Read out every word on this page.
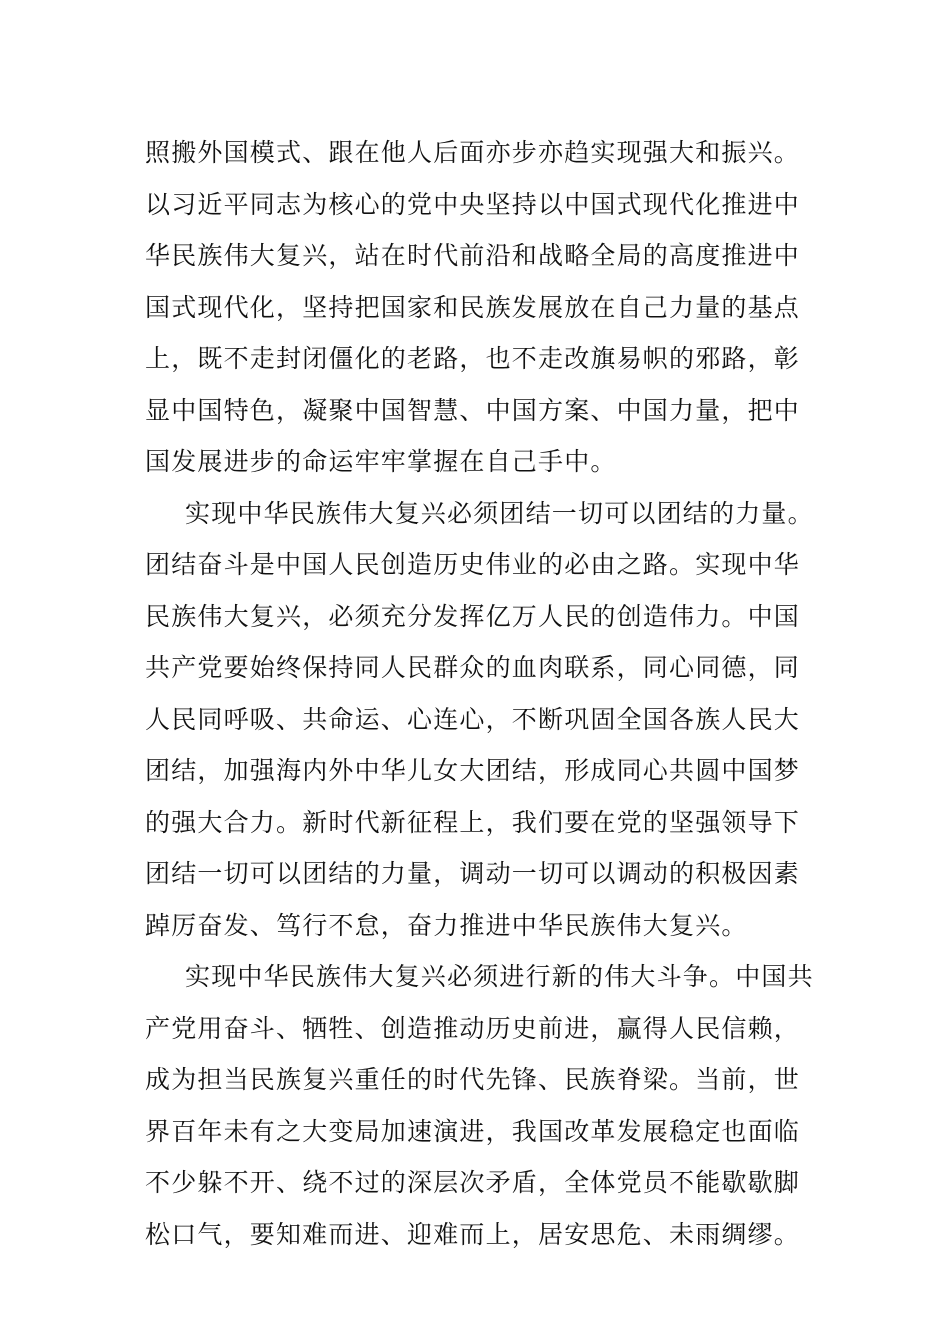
照搬外国模式、跟在他人后面亦步亦趋实现强大和振兴。
以习近平同志为核心的党中央坚持以中国式现代化推进中
华民族伟大复兴，站在时代前沿和战略全局的高度推进中
国式现代化，坚持把国家和民族发展放在自己力量的基点
上，既不走封闭僵化的老路，也不走改旗易帜的邪路，彰
显中国特色，凝聚中国智慧、中国方案、中国力量，把中
国发展进步的命运牢牢掌握在自己手中。
实现中华民族伟大复兴必须团结一切可以团结的力量。
团结奋斗是中国人民创造历史伟业的必由之路。实现中华
民族伟大复兴，必须充分发挥亿万人民的创造伟力。中国
共产党要始终保持同人民群众的血肉联系，同心同德，同
人民同呼吸、共命运、心连心，不断巩固全国各族人民大
团结，加强海内外中华儿女大团结，形成同心共圆中国梦
的强大合力。新时代新征程上，我们要在党的坚强领导下
团结一切可以团结的力量，调动一切可以调动的积极因素
踔厉奋发、笃行不怠，奋力推进中华民族伟大复兴。
实现中华民族伟大复兴必须进行新的伟大斗争。中国共
产党用奋斗、牺牲、创造推动历史前进，赢得人民信赖，
成为担当民族复兴重任的时代先锋、民族脊梁。当前，世
界百年未有之大变局加速演进，我国改革发展稳定也面临
不少躲不开、绕不过的深层次矛盾，全体党员不能歇歇脚
松口气，要知难而进、迎难而上，居安思危、未雨绸缪。
